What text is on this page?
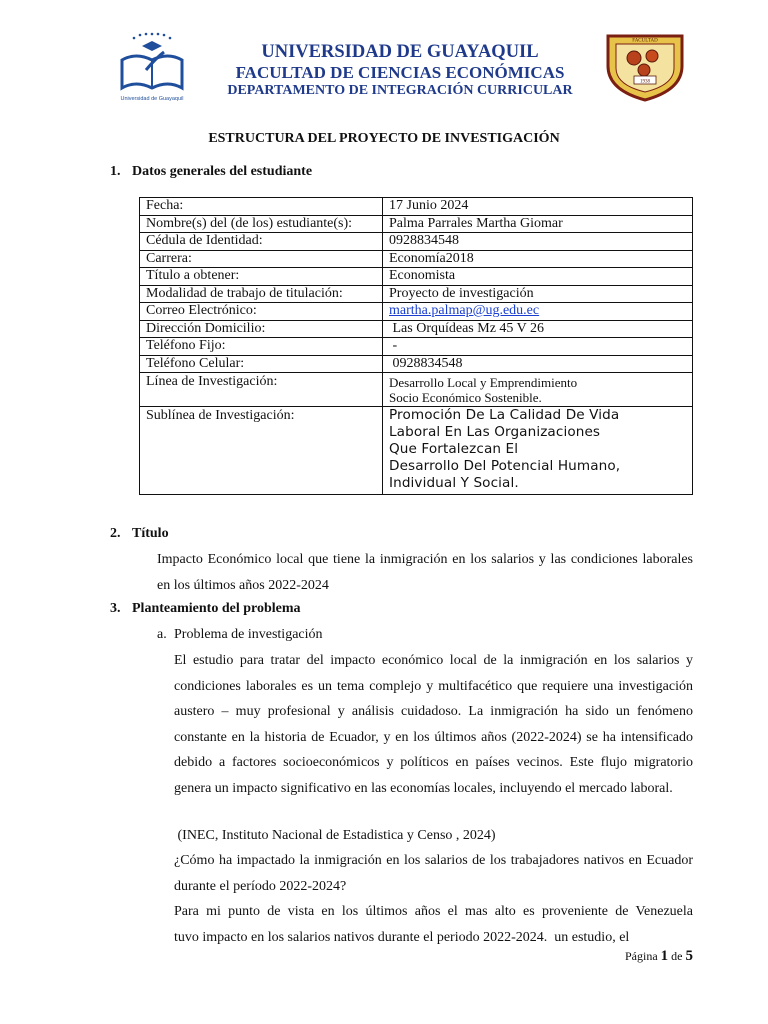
Universidad de Guayaquil
UNIVERSIDAD DE GUAYAQUIL
FACULTAD DE CIENCIAS ECONÓMICAS
DEPARTAMENTO DE INTEGRACIÓN CURRICULAR
1938
FACULTAD
ESTRUCTURA DEL PROYECTO DE INVESTIGACIÓN
1. Datos generales del estudiante
Fecha:	17 Junio 2024
Nombre(s) del (de los) estudiante(s):	Palma Parrales Martha Giomar
Cédula de Identidad:	0928834548
Carrera:	Economía2018
Título a obtener:	Economista
Modalidad de trabajo de titulación:	Proyecto de investigación
Correo Electrónico:	martha.palmap@ug.edu.ec
Dirección Domicilio:	Las Orquídeas Mz 45 V 26
Teléfono Fijo:	-
Teléfono Celular:	0928834548
Línea de Investigación:	Desarrollo Local y Emprendimiento
Socio Económico Sostenible.

Sublínea de Investigación:	Promoción De La Calidad De Vida
Laboral En Las Organizaciones
Que Fortalezcan El
Desarrollo Del Potencial Humano,
Individual Y Social.
2. Título
Impacto Económico local que tiene la inmigración en los salarios y las condiciones laborales en los últimos años 2022-2024
3. Planteamiento del problema
a. Problema de investigación
El estudio para tratar del impacto económico local de la inmigración en los salarios y condiciones laborales es un tema complejo y multifacético que requiere una investigación austero – muy profesional y análisis cuidadoso. La inmigración ha sido un fenómeno constante en la historia de Ecuador, y en los últimos años (2022-2024) se ha intensificado debido a factores socioeconómicos y políticos en países vecinos. Este flujo migratorio genera un impacto significativo en las economías locales, incluyendo el mercado laboral.
(INEC, Instituto Nacional de Estadistica y Censo , 2024)
¿Cómo ha impactado la inmigración en los salarios de los trabajadores nativos en Ecuador durante el período 2022-2024?
Para mi punto de vista en los últimos años el mas alto es proveniente de Venezuela
tuvo impacto en los salarios nativos durante el periodo 2022-2024.  un estudio, el
Página 1 de 5
